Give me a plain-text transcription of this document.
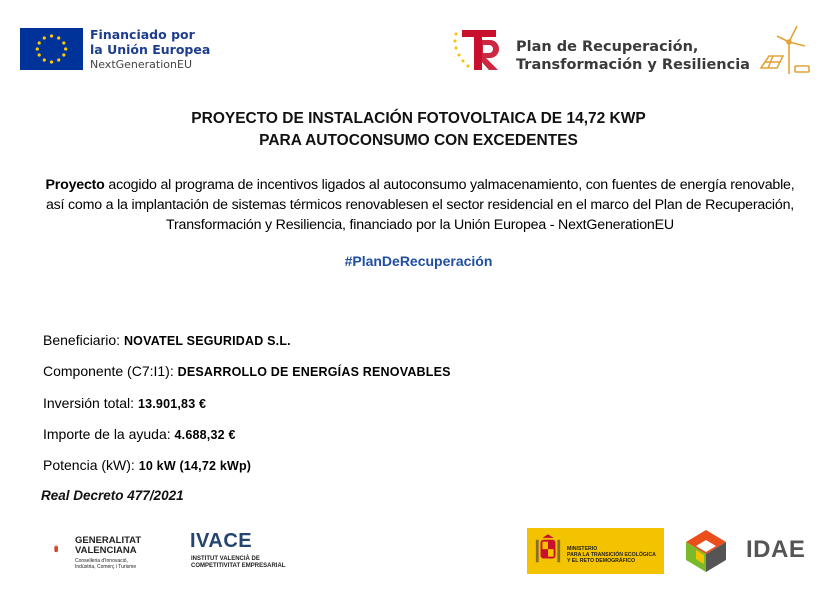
Financiado por
la Unión Europea
NextGenerationEU
Plan de Recuperación,
Transformación y Resiliencia
PROYECTO DE INSTALACIÓN FOTOVOLTAICA DE 14,72 KWP
PARA AUTOCONSUMO CON EXCEDENTES
Proyecto acogido al programa de incentivos ligados al autoconsumo yalmacenamiento, con fuentes de energía renovable, así como a la implantación de sistemas térmicos renovablesen el sector residencial en el marco del Plan de Recuperación, Transformación y Resiliencia, financiado por la Unión Europea - NextGenerationEU
#PlanDeRecuperación
Beneficiario: NOVATEL SEGURIDAD S.L.
Componente (C7:I1): DESARROLLO DE ENERGÍAS RENOVABLES
Inversión total: 13.901,83 €
Importe de la ayuda: 4.688,32 €
Potencia (kW): 10 kW (14,72 kWp)
Real Decreto 477/2021
GENERALITAT
VALENCIANA
Conselleria d'Innovació, Indústria, Comerç i Turisme
IVACE
INSTITUT VALENCIÀ DE
COMPETITIVITAT EMPRESARIAL
MINISTERIO
PARA LA TRANSICIÓN ECOLÓGICA
Y EL RETO DEMOGRÁFICO	IDAE
